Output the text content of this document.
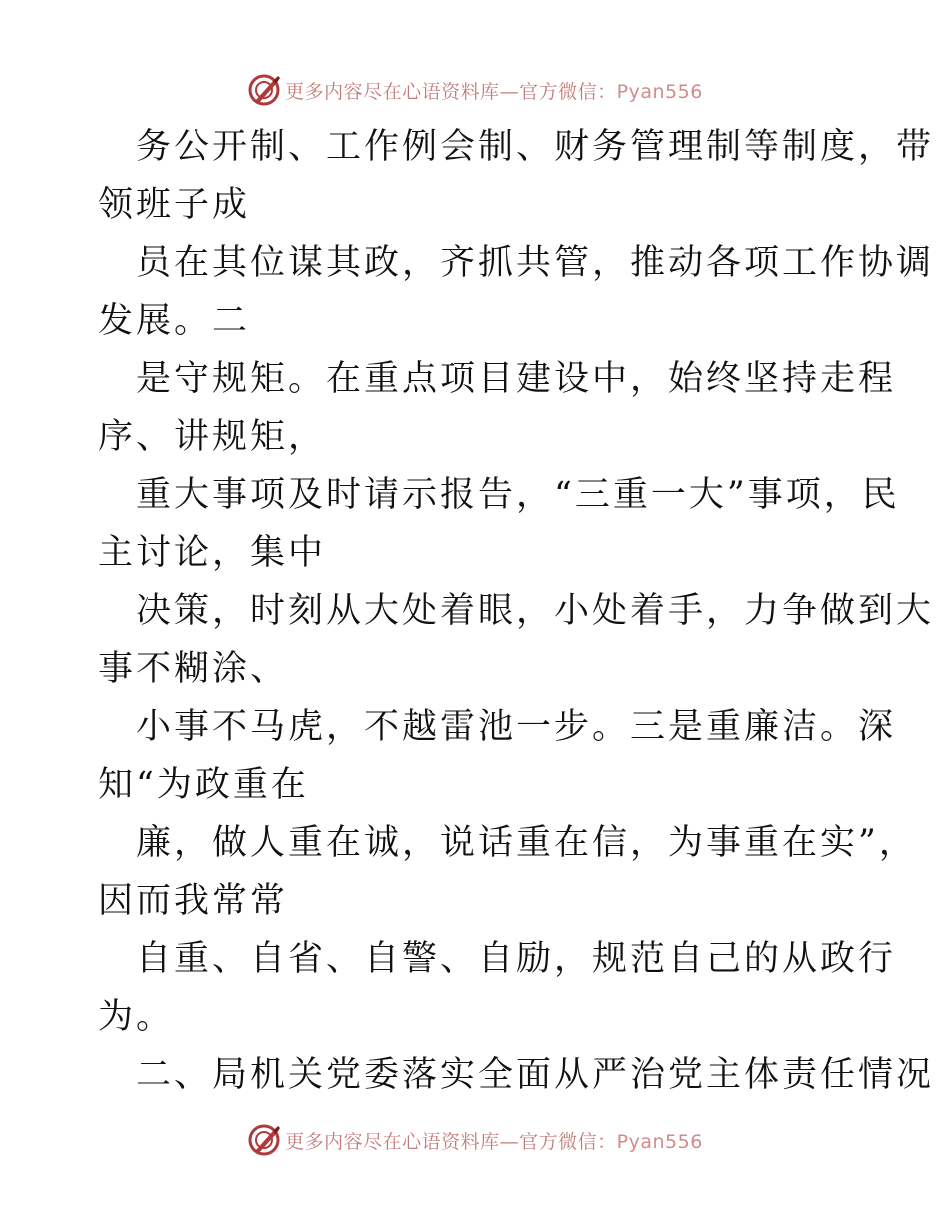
更多内容尽在心语资料库—官方微信：Pyan556
务公开制、工作例会制、财务管理制等制度，带
领班子成
员在其位谋其政，齐抓共管，推动各项工作协调
发展。二
是守规矩。在重点项目建设中，始终坚持走程
序、讲规矩，
重大事项及时请示报告，“三重一大”事项，民
主讨论，集中
决策，时刻从大处着眼，小处着手，力争做到大
事不糊涂、
小事不马虎，不越雷池一步。三是重廉洁。深
知“为政重在
廉，做人重在诚，说话重在信，为事重在实”，
因而我常常
自重、自省、自警、自励，规范自己的从政行
为。
二、局机关党委落实全面从严治党主体责任情况
更多内容尽在心语资料库—官方微信：Pyan556
